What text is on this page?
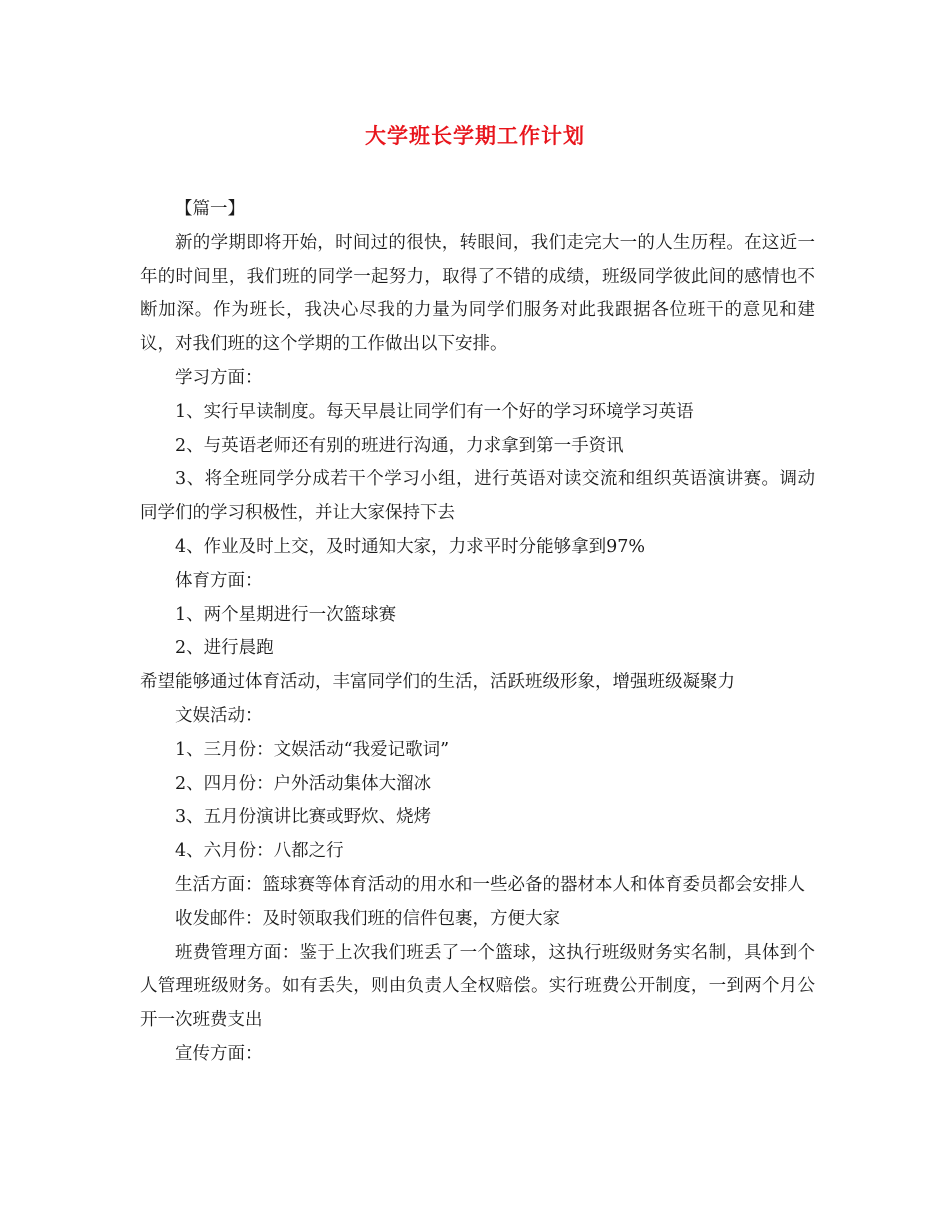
大学班长学期工作计划

【篇一】

新的学期即将开始，时间过的很快，转眼间，我们走完大一的人生历程。在这近一年的时间里，我们班的同学一起努力，取得了不错的成绩，班级同学彼此间的感情也不断加深。作为班长，我决心尽我的力量为同学们服务对此我跟据各位班干的意见和建议，对我们班的这个学期的工作做出以下安排。

学习方面：

1、实行早读制度。每天早晨让同学们有一个好的学习环境学习英语

2、与英语老师还有别的班进行沟通，力求拿到第一手资讯

3、将全班同学分成若干个学习小组，进行英语对读交流和组织英语演讲赛。调动同学们的学习积极性，并让大家保持下去

4、作业及时上交，及时通知大家，力求平时分能够拿到97%

体育方面：

1、两个星期进行一次篮球赛

2、进行晨跑

希望能够通过体育活动，丰富同学们的生活，活跃班级形象，增强班级凝聚力

文娱活动：

1、三月份：文娱活动“我爱记歌词”

2、四月份：户外活动集体大溜冰

3、五月份演讲比赛或野炊、烧烤

4、六月份：八都之行

生活方面：篮球赛等体育活动的用水和一些必备的器材本人和体育委员都会安排人

收发邮件：及时领取我们班的信件包裹，方便大家

班费管理方面：鉴于上次我们班丢了一个篮球，这执行班级财务实名制，具体到个人管理班级财务。如有丢失，则由负责人全权赔偿。实行班费公开制度，一到两个月公开一次班费支出

宣传方面：
